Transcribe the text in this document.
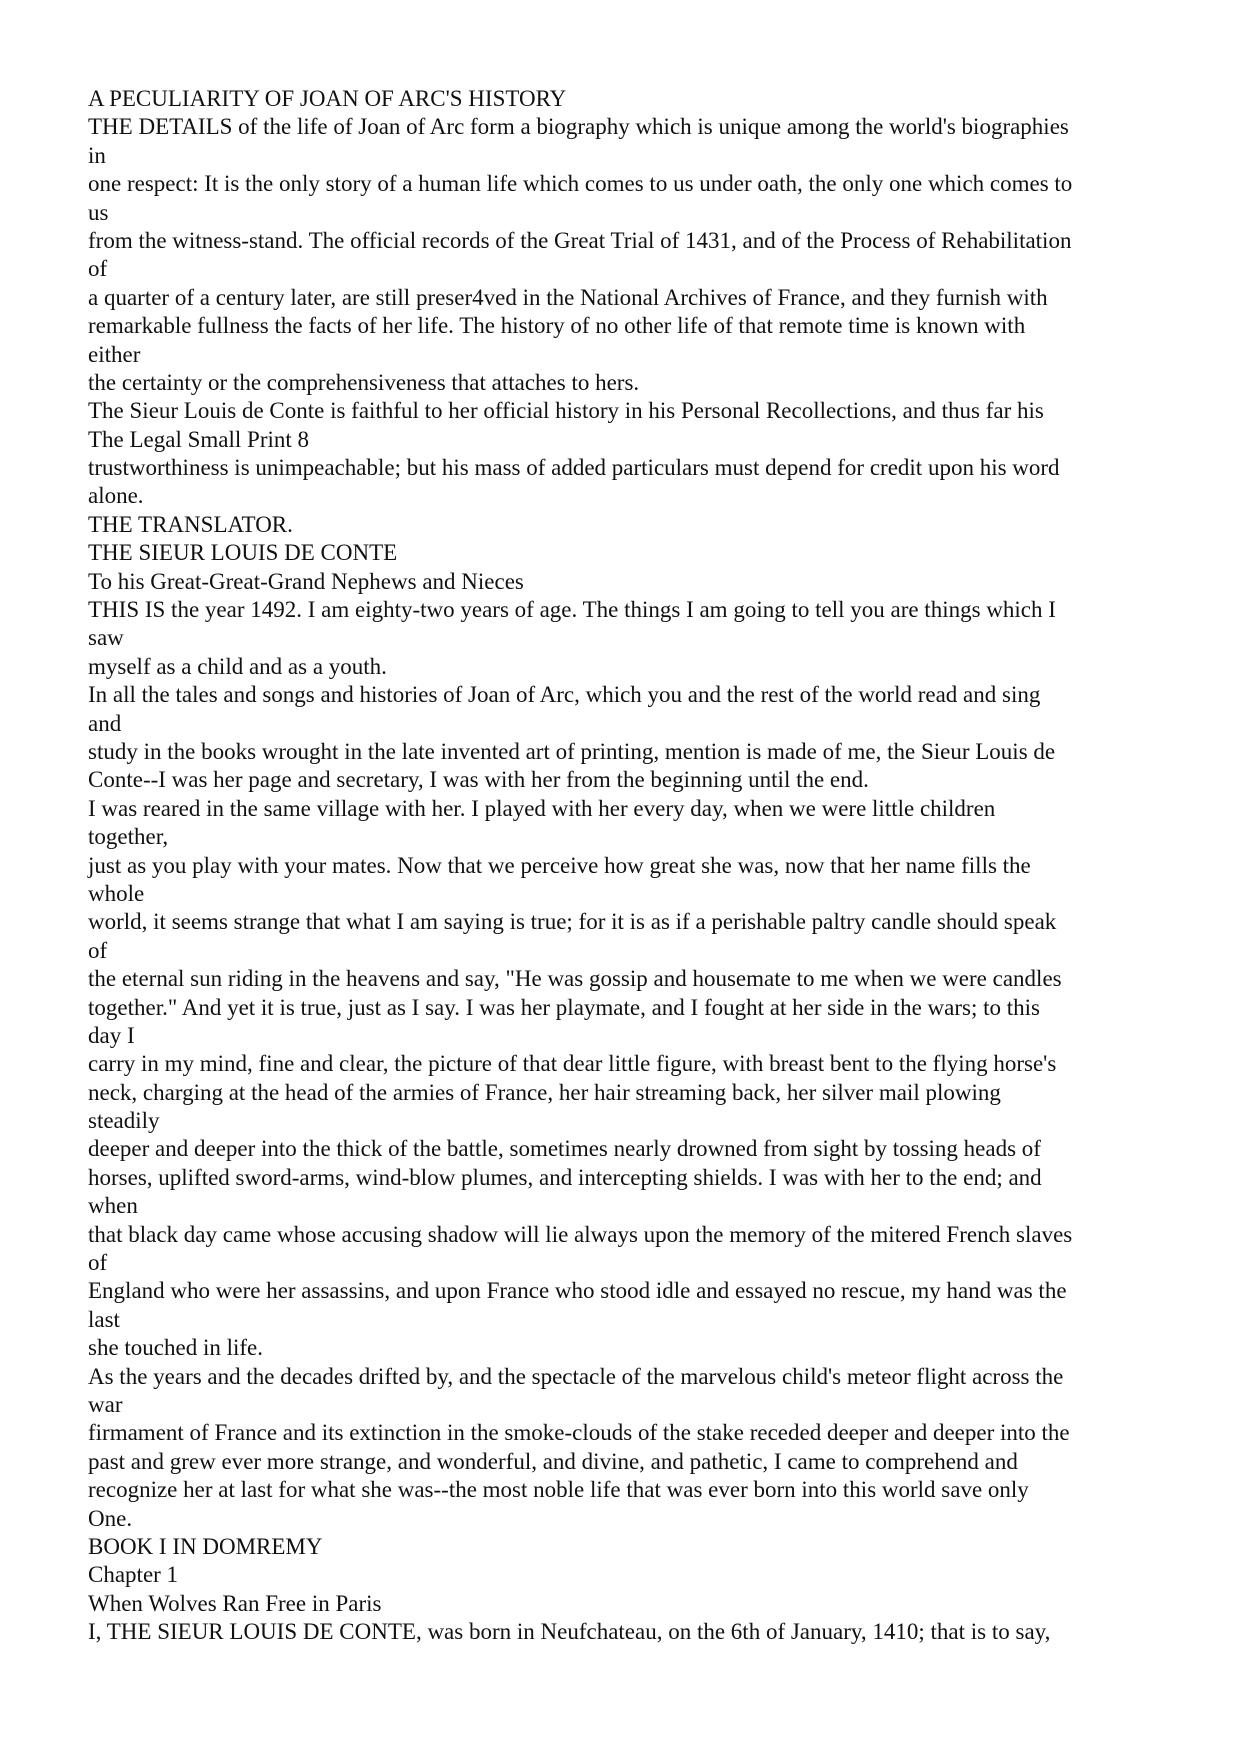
A PECULIARITY OF JOAN OF ARC'S HISTORY
THE DETAILS of the life of Joan of Arc form a biography which is unique among the world's biographies
in
one respect: It is the only story of a human life which comes to us under oath, the only one which comes to
us
from the witness-stand. The official records of the Great Trial of 1431, and of the Process of Rehabilitation
of
a quarter of a century later, are still preser4ved in the National Archives of France, and they furnish with
remarkable fullness the facts of her life. The history of no other life of that remote time is known with
either
the certainty or the comprehensiveness that attaches to hers.
The Sieur Louis de Conte is faithful to her official history in his Personal Recollections, and thus far his
The Legal Small Print 8
trustworthiness is unimpeachable; but his mass of added particulars must depend for credit upon his word
alone.
THE TRANSLATOR.
THE SIEUR LOUIS DE CONTE
To his Great-Great-Grand Nephews and Nieces
THIS IS the year 1492. I am eighty-two years of age. The things I am going to tell you are things which I
saw
myself as a child and as a youth.
In all the tales and songs and histories of Joan of Arc, which you and the rest of the world read and sing
and
study in the books wrought in the late invented art of printing, mention is made of me, the Sieur Louis de
Conte--I was her page and secretary, I was with her from the beginning until the end.
I was reared in the same village with her. I played with her every day, when we were little children
together,
just as you play with your mates. Now that we perceive how great she was, now that her name fills the
whole
world, it seems strange that what I am saying is true; for it is as if a perishable paltry candle should speak
of
the eternal sun riding in the heavens and say, "He was gossip and housemate to me when we were candles
together." And yet it is true, just as I say. I was her playmate, and I fought at her side in the wars; to this
day I
carry in my mind, fine and clear, the picture of that dear little figure, with breast bent to the flying horse's
neck, charging at the head of the armies of France, her hair streaming back, her silver mail plowing
steadily
deeper and deeper into the thick of the battle, sometimes nearly drowned from sight by tossing heads of
horses, uplifted sword-arms, wind-blow plumes, and intercepting shields. I was with her to the end; and
when
that black day came whose accusing shadow will lie always upon the memory of the mitered French slaves
of
England who were her assassins, and upon France who stood idle and essayed no rescue, my hand was the
last
she touched in life.
As the years and the decades drifted by, and the spectacle of the marvelous child's meteor flight across the
war
firmament of France and its extinction in the smoke-clouds of the stake receded deeper and deeper into the
past and grew ever more strange, and wonderful, and divine, and pathetic, I came to comprehend and
recognize her at last for what she was--the most noble life that was ever born into this world save only
One.
BOOK I IN DOMREMY
Chapter 1
When Wolves Ran Free in Paris
I, THE SIEUR LOUIS DE CONTE, was born in Neufchateau, on the 6th of January, 1410; that is to say,
